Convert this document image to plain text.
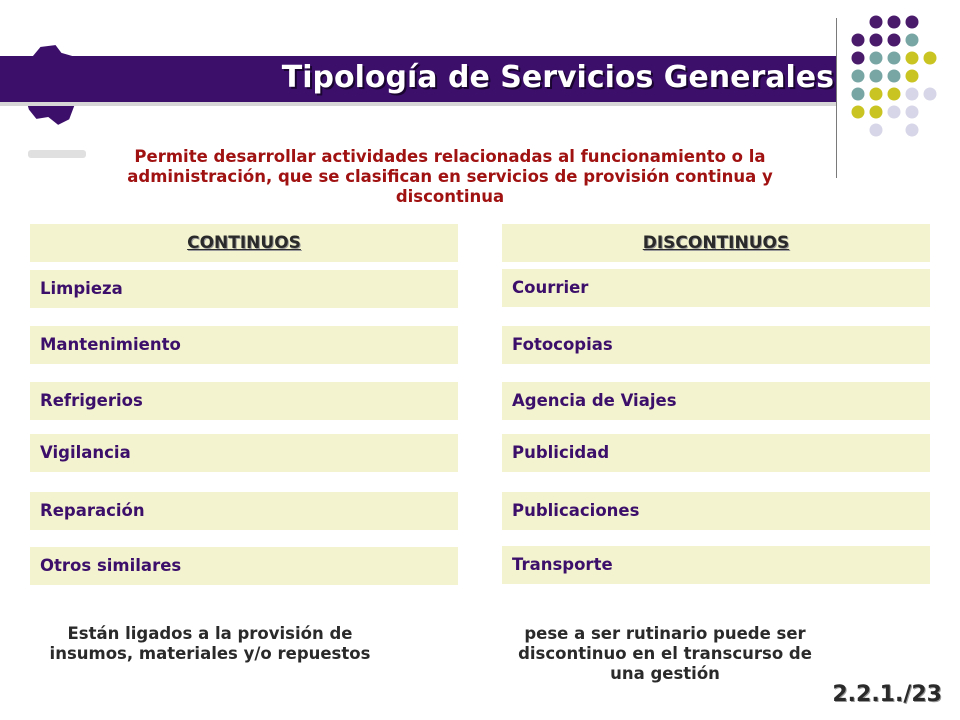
Tipología de Servicios Generales
Permite desarrollar actividades relacionadas al funcionamiento o la administración, que se clasifican en servicios de provisión continua y discontinua
CONTINUOS	DISCONTINUOS
Limpieza
Mantenimiento
Refrigerios
Vigilancia
Reparación
Otros similares
Courrier
Fotocopias
Agencia de Viajes
Publicidad
Publicaciones
Transporte
Están ligados a la provisión de insumos, materiales y/o repuestos
pese a ser rutinario puede ser discontinuo en el transcurso de una gestión
2.2.1./23
